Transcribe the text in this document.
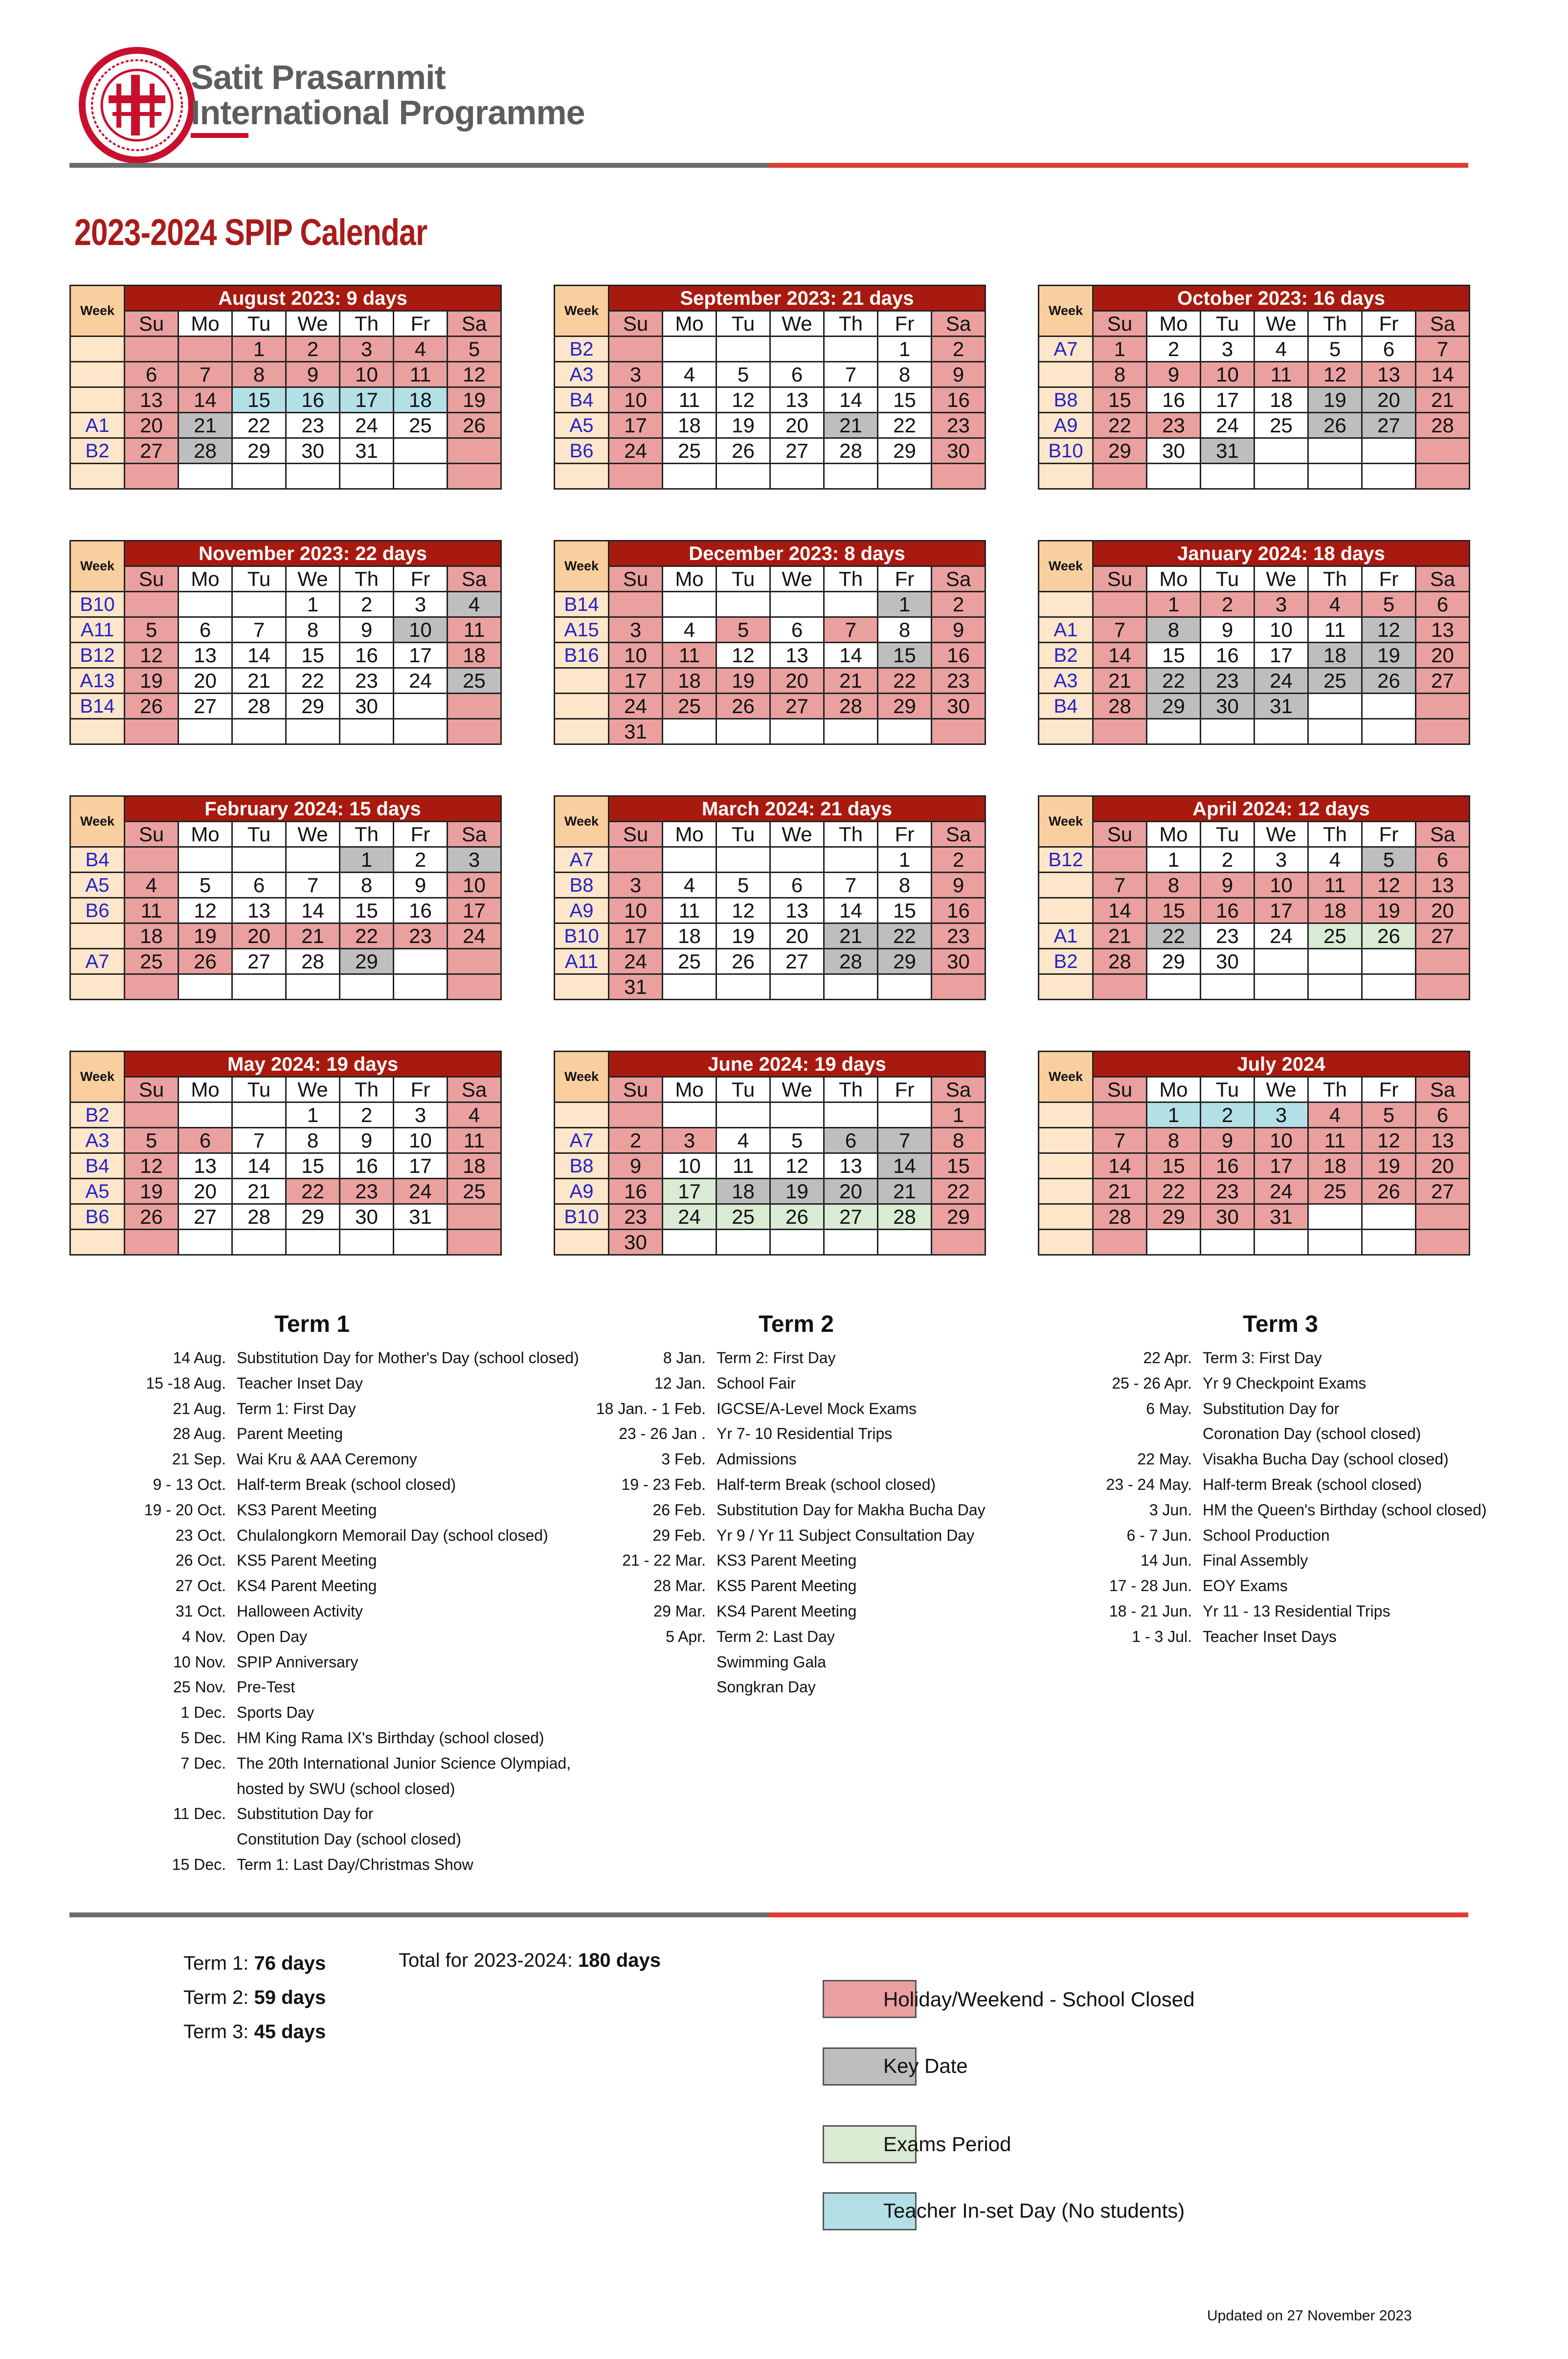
Satit Prasarnmit
International Programme
2023-2024 SPIP Calendar
Week	August 2023: 9 days						
	Su	Mo	Tu	We	Th	Fr	Sa
			1	2	3	4	5
	6	7	8	9	10	11	12
	13	14	15	16	17	18	19
A1	20	21	22	23	24	25	26
B2	27	28	29	30	31		

Week	September 2023: 21 days						
	Su	Mo	Tu	We	Th	Fr	Sa
B2						1	2
A3	3	4	5	6	7	8	9
B4	10	11	12	13	14	15	16
A5	17	18	19	20	21	22	23
B6	24	25	26	27	28	29	30

Week	October 2023: 16 days						
	Su	Mo	Tu	We	Th	Fr	Sa
A7	1	2	3	4	5	6	7
	8	9	10	11	12	13	14
B8	15	16	17	18	19	20	21
A9	22	23	24	25	26	27	28
B10	29	30	31				

Week	November 2023: 22 days						
	Su	Mo	Tu	We	Th	Fr	Sa
B10				1	2	3	4
A11	5	6	7	8	9	10	11
B12	12	13	14	15	16	17	18
A13	19	20	21	22	23	24	25
B14	26	27	28	29	30		

Week	December 2023: 8 days						
	Su	Mo	Tu	We	Th	Fr	Sa
B14						1	2
A15	3	4	5	6	7	8	9
B16	10	11	12	13	14	15	16
	17	18	19	20	21	22	23
	24	25	26	27	28	29	30
	31						
Week	January 2024: 18 days						
	Su	Mo	Tu	We	Th	Fr	Sa
		1	2	3	4	5	6
A1	7	8	9	10	11	12	13
B2	14	15	16	17	18	19	20
A3	21	22	23	24	25	26	27
B4	28	29	30	31			

Week	February 2024: 15 days						
	Su	Mo	Tu	We	Th	Fr	Sa
B4					1	2	3
A5	4	5	6	7	8	9	10
B6	11	12	13	14	15	16	17
	18	19	20	21	22	23	24
A7	25	26	27	28	29		

Week	March 2024: 21 days						
	Su	Mo	Tu	We	Th	Fr	Sa
A7						1	2
B8	3	4	5	6	7	8	9
A9	10	11	12	13	14	15	16
B10	17	18	19	20	21	22	23
A11	24	25	26	27	28	29	30
	31						
Week	April 2024: 12 days						
	Su	Mo	Tu	We	Th	Fr	Sa
B12		1	2	3	4	5	6
	7	8	9	10	11	12	13
	14	15	16	17	18	19	20
A1	21	22	23	24	25	26	27
B2	28	29	30				

Week	May 2024: 19 days						
	Su	Mo	Tu	We	Th	Fr	Sa
B2				1	2	3	4
A3	5	6	7	8	9	10	11
B4	12	13	14	15	16	17	18
A5	19	20	21	22	23	24	25
B6	26	27	28	29	30	31	

Week	June 2024: 19 days						
	Su	Mo	Tu	We	Th	Fr	Sa
							1
A7	2	3	4	5	6	7	8
B8	9	10	11	12	13	14	15
A9	16	17	18	19	20	21	22
B10	23	24	25	26	27	28	29
	30						
Week	July 2024						
	Su	Mo	Tu	We	Th	Fr	Sa
		1	2	3	4	5	6
	7	8	9	10	11	12	13
	14	15	16	17	18	19	20
	21	22	23	24	25	26	27
	28	29	30	31			

Term 1	Term 2	Term 3
14 Aug. Substitution Day for Mother's Day (school closed)
15 -18 Aug. Teacher Inset Day
21 Aug. Term 1: First Day
28 Aug. Parent Meeting
21 Sep. Wai Kru & AAA Ceremony
9 - 13 Oct. Half-term Break (school closed)
19 - 20 Oct. KS3 Parent Meeting
23 Oct. Chulalongkorn Memorail Day (school closed)
26 Oct. KS5 Parent Meeting
27 Oct. KS4 Parent Meeting
31 Oct. Halloween Activity
4 Nov. Open Day
10 Nov. SPIP Anniversary
25 Nov. Pre-Test
1 Dec. Sports Day
5 Dec. HM King Rama IX's Birthday (school closed)
7 Dec. The 20th International Junior Science Olympiad,
hosted by SWU (school closed)
11 Dec. Substitution Day for
Constitution Day (school closed)
15 Dec. Term 1: Last Day/Christmas Show
8 Jan. Term 2: First Day
12 Jan. School Fair
18 Jan. - 1 Feb. IGCSE/A-Level Mock Exams
23 - 26 Jan . Yr 7- 10 Residential Trips
3 Feb. Admissions
19 - 23 Feb. Half-term Break (school closed)
26 Feb. Substitution Day for Makha Bucha Day
29 Feb. Yr 9 / Yr 11 Subject Consultation Day
21 - 22 Mar. KS3 Parent Meeting
28 Mar. KS5 Parent Meeting
29 Mar. KS4 Parent Meeting
5 Apr. Term 2: Last Day
Swimming Gala
Songkran Day
22 Apr. Term 3: First Day
25 - 26 Apr. Yr 9 Checkpoint Exams
6 May. Substitution Day for
Coronation Day (school closed)
22 May. Visakha Bucha Day (school closed)
23 - 24 May. Half-term Break (school closed)
3 Jun. HM the Queen's Birthday (school closed)
6 - 7 Jun. School Production
14 Jun. Final Assembly
17 - 28 Jun. EOY Exams
18 - 21 Jun. Yr 11 - 13 Residential Trips
1 - 3 Jul. Teacher Inset Days
Term 1: 76 days
Term 2: 59 days
Term 3: 45 days
Total for 2023-2024: 180 days
Holiday/Weekend - School Closed
Key Date
Exams Period
Teacher In-set Day (No students)
Updated on 27 November 2023
